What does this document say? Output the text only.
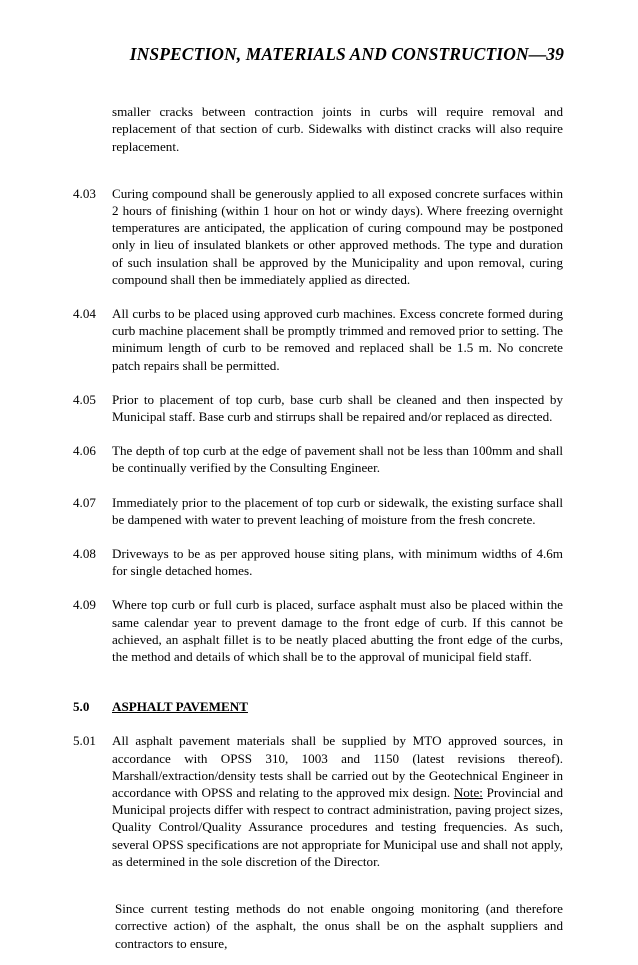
INSPECTION, MATERIALS AND CONSTRUCTION—39

smaller cracks between contraction joints in curbs will require removal and replacement of that section of curb. Sidewalks with distinct cracks will also require replacement.

4.03	Curing compound shall be generously applied to all exposed concrete surfaces within 2 hours of finishing (within 1 hour on hot or windy days). Where freezing overnight temperatures are anticipated, the application of curing compound may be postponed only in lieu of insulated blankets or other approved methods. The type and duration of such insulation shall be approved by the Municipality and upon removal, curing compound shall then be immediately applied as directed.
4.04	All curbs to be placed using approved curb machines. Excess concrete formed during curb machine placement shall be promptly trimmed and removed prior to setting. The minimum length of curb to be removed and replaced shall be 1.5 m. No concrete patch repairs shall be permitted.
4.05	Prior to placement of top curb, base curb shall be cleaned and then inspected by Municipal staff. Base curb and stirrups shall be repaired and/or replaced as directed.
4.06	The depth of top curb at the edge of pavement shall not be less than 100mm and shall be continually verified by the Consulting Engineer.
4.07	Immediately prior to the placement of top curb or sidewalk, the existing surface shall be dampened with water to prevent leaching of moisture from the fresh concrete.
4.08	Driveways to be as per approved house siting plans, with minimum widths of 4.6m for single detached homes.
4.09	Where top curb or full curb is placed, surface asphalt must also be placed within the same calendar year to prevent damage to the front edge of curb. If this cannot be achieved, an asphalt fillet is to be neatly placed abutting the front edge of the curbs, the method and details of which shall be to the approval of municipal field staff.
5.0	ASPHALT PAVEMENT
5.01	All asphalt pavement materials shall be supplied by MTO approved sources, in accordance with OPSS 310, 1003 and 1150 (latest revisions thereof). Marshall/extraction/density tests shall be carried out by the Geotechnical Engineer in accordance with OPSS and relating to the approved mix design. Note: Provincial and Municipal projects differ with respect to contract administration, paving project sizes, Quality Control/Quality Assurance procedures and testing frequencies. As such, several OPSS specifications are not appropriate for Municipal use and shall not apply, as determined in the sole discretion of the Director.

Since current testing methods do not enable ongoing monitoring (and therefore corrective action) of the asphalt, the onus shall be on the asphalt suppliers and contractors to ensure,
